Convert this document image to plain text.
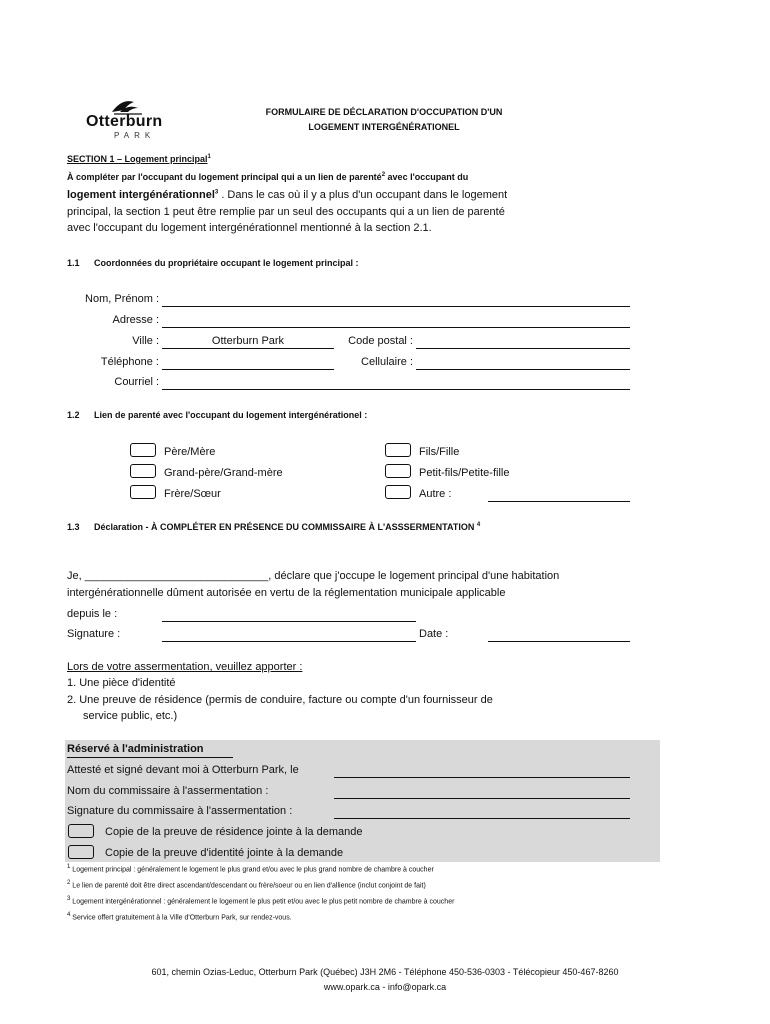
Otterburn
PARK
FORMULAIRE DE DÉCLARATION D'OCCUPATION D'UN
LOGEMENT INTERGÉNÉRATIONEL
SECTION 1 – Logement principal$^1$
À compléter par l'occupant du logement principal qui a un lien de parenté$^2$ avec l'occupant du
logement intergénérationnel$^3$ . Dans le cas où il y a plus d'un occupant dans le logement
principal, la section 1 peut être remplie par un seul des occupants qui a un lien de parenté
avec l'occupant du logement intergénérationnel mentionné à la section 2.1.
1.1 Coordonnées du propriétaire occupant le logement principal :
Nom, Prénom :
Adresse :
Ville :	Otterburn Park	Code postal :
Téléphone :	Cellulaire :
Courriel :
1.2 Lien de parenté avec l'occupant du logement intergénérationel :
Père/Mère
Grand-père/Grand-mère
Frère/Sœur
Fils/Fille
Petit-fils/Petite-fille
Autre :
1.3 Déclaration - À COMPLÉTER EN PRÉSENCE DU COMMISSAIRE À L'ASSSERMENTATION $^4$
Je, ______________________________, déclare que j'occupe le logement principal d'une habitation
intergénérationnelle dûment autorisée en vertu de la réglementation municipale applicable
depuis le :
Signature :	Date :
Lors de votre assermentation, veuillez apporter :
1. Une pièce d'identité
2. Une preuve de résidence (permis de conduire, facture ou compte d'un fournisseur de
service public, etc.)
Réservé à l'administration
Attesté et signé devant moi à Otterburn Park, le
Nom du commissaire à l'assermentation :
Signature du commissaire à l'assermentation :
Copie de la preuve de résidence jointe à la demande
Copie de la preuve d'identité jointe à la demande
$^1$ Logement principal : généralement le logement le plus grand et/ou avec le plus grand nombre de chambre à coucher
$^2$ Le lien de parenté doit être direct ascendant/descendant ou frère/soeur ou en lien d'allience (inclut conjoint de fait)
$^3$ Logement intergénérationnel : généralement le logement le plus petit et/ou avec le plus petit nombre de chambre à coucher
$^4$ Service offert gratuitement à la Ville d'Otterburn Park, sur rendez-vous.
601, chemin Ozias-Leduc, Otterburn Park (Québec) J3H 2M6 - Téléphone 450-536-0303 - Télécopieur 450-467-8260
www.opark.ca - info@opark.ca
